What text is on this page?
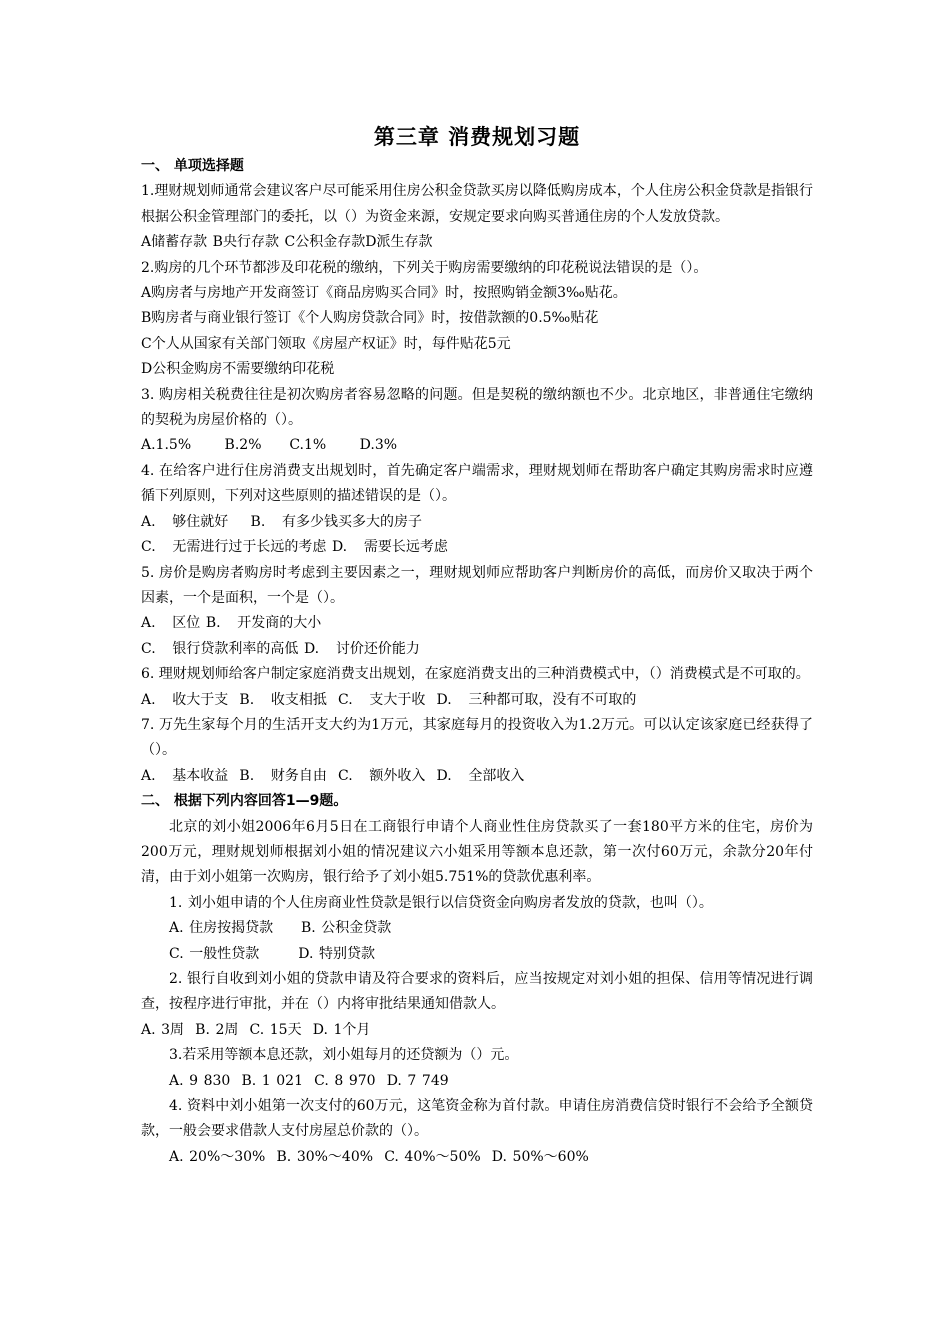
第三章 消费规划习题

一、 单项选择题

1.理财规划师通常会建议客户尽可能采用住房公积金贷款买房以降低购房成本，个人住房公积金贷款是指银行根据公积金管理部门的委托，以（）为资金来源，安规定要求向购买普通住房的个人发放贷款。

A储蓄存款 B央行存款 C公积金存款D派生存款

2.购房的几个环节都涉及印花税的缴纳，下列关于购房需要缴纳的印花税说法错误的是（）。

A购房者与房地产开发商签订《商品房购买合同》时，按照购销金额3‰贴花。

B购房者与商业银行签订《个人购房贷款合同》时，按借款额的0.5‰贴花

C个人从国家有关部门领取《房屋产权证》时，每件贴花5元

D公积金购房不需要缴纳印花税

3. 购房相关税费往往是初次购房者容易忽略的问题。但是契税的缴纳额也不少。北京地区，非普通住宅缴纳的契税为房屋价格的（）。

A.1.5%      B.2%     C.1%      D.3%

4. 在给客户进行住房消费支出规划时，首先确定客户端需求，理财规划师在帮助客户确定其购房需求时应遵循下列原则，下列对这些原则的描述错误的是（）。

A.   够住就好    B.   有多少钱买多大的房子

C.   无需进行过于长远的考虑 D.   需要长远考虑

5. 房价是购房者购房时考虑到主要因素之一，理财规划师应帮助客户判断房价的高低，而房价又取决于两个因素，一个是面积，一个是（）。

A.   区位 B.   开发商的大小

C.   银行贷款利率的高低 D.   讨价还价能力

6. 理财规划师给客户制定家庭消费支出规划，在家庭消费支出的三种消费模式中，（）消费模式是不可取的。

A.   收大于支  B.   收支相抵  C.   支大于收  D.   三种都可取，没有不可取的

7. 万先生家每个月的生活开支大约为1万元，其家庭每月的投资收入为1.2万元。可以认定该家庭已经获得了（）。

A.   基本收益  B.   财务自由  C.   额外收入  D.   全部收入

二、 根据下列内容回答1—9题。

北京的刘小姐2006年6月5日在工商银行申请个人商业性住房贷款买了一套180平方米的住宅，房价为200万元，理财规划师根据刘小姐的情况建议六小姐采用等额本息还款，第一次付60万元，余款分20年付清，由于刘小姐第一次购房，银行给予了刘小姐5.751%的贷款优惠利率。

1. 刘小姐申请的个人住房商业性贷款是银行以信贷资金向购房者发放的贷款，也叫（）。

A. 住房按揭贷款     B. 公积金贷款

C. 一般性贷款       D. 特别贷款

2. 银行自收到刘小姐的贷款申请及符合要求的资料后，应当按规定对刘小姐的担保、信用等情况进行调查，按程序进行审批，并在（）内将审批结果通知借款人。

A. 3周  B. 2周  C. 15天  D. 1个月

3.若采用等额本息还款，刘小姐每月的还贷额为（）元。

A. 9 830  B. 1 021  C. 8 970  D. 7 749

4. 资料中刘小姐第一次支付的60万元，这笔资金称为首付款。申请住房消费信贷时银行不会给予全额贷款，一般会要求借款人支付房屋总价款的（）。

A. 20%～30%  B. 30%～40%  C. 40%～50%  D. 50%～60%
